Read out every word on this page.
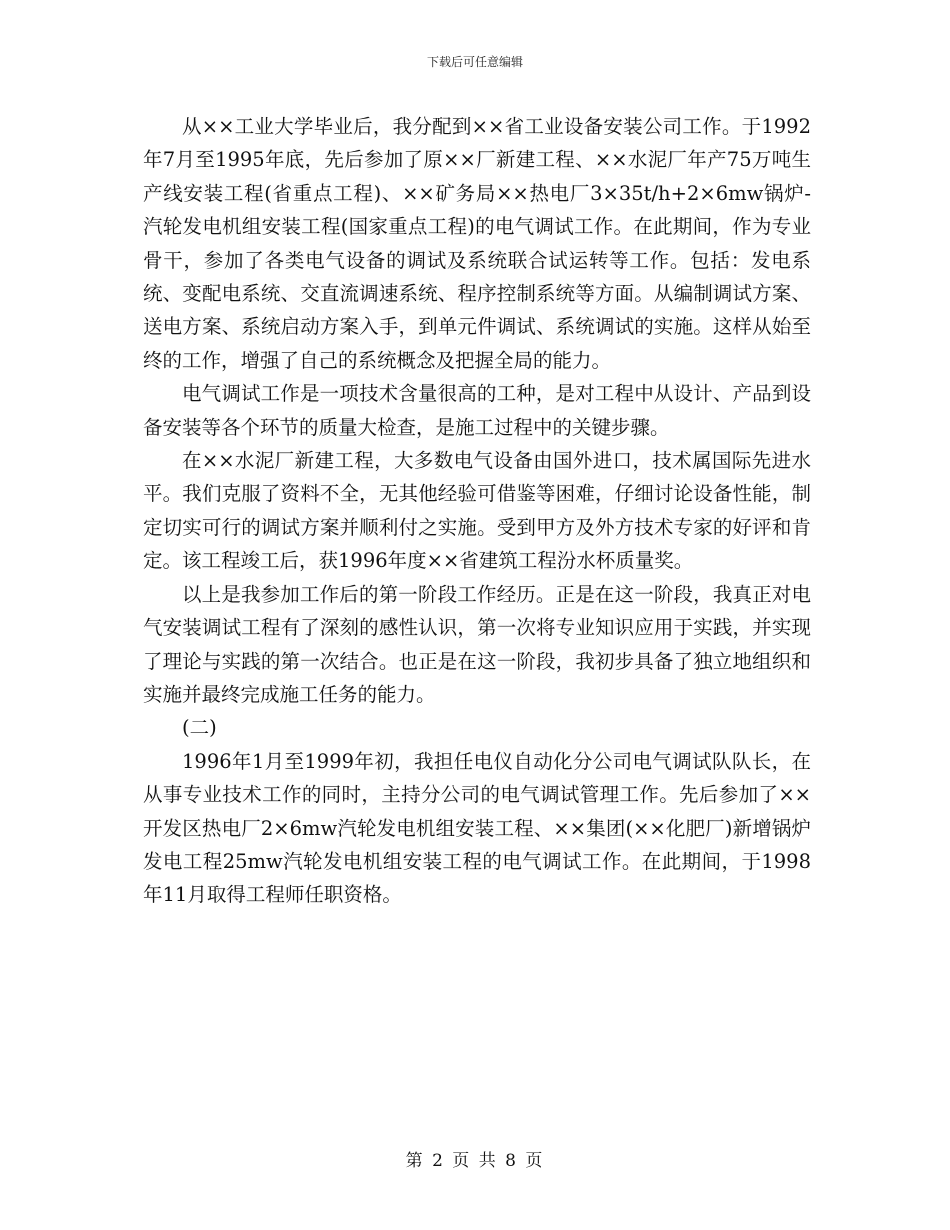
下载后可任意编辑

从××工业大学毕业后，我分配到××省工业设备安装公司工作。于1992年7月至1995年底，先后参加了原××厂新建工程、××水泥厂年产75万吨生产线安装工程(省重点工程)、××矿务局××热电厂3×35t/h+2×6mw锅炉-汽轮发电机组安装工程(国家重点工程)的电气调试工作。在此期间，作为专业骨干，参加了各类电气设备的调试及系统联合试运转等工作。包括：发电系统、变配电系统、交直流调速系统、程序控制系统等方面。从编制调试方案、送电方案、系统启动方案入手，到单元件调试、系统调试的实施。这样从始至终的工作，增强了自己的系统概念及把握全局的能力。

电气调试工作是一项技术含量很高的工种，是对工程中从设计、产品到设备安装等各个环节的质量大检查，是施工过程中的关键步骤。

在××水泥厂新建工程，大多数电气设备由国外进口，技术属国际先进水平。我们克服了资料不全，无其他经验可借鉴等困难，仔细讨论设备性能，制定切实可行的调试方案并顺利付之实施。受到甲方及外方技术专家的好评和肯定。该工程竣工后，获1996年度××省建筑工程汾水杯质量奖。

以上是我参加工作后的第一阶段工作经历。正是在这一阶段，我真正对电气安装调试工程有了深刻的感性认识，第一次将专业知识应用于实践，并实现了理论与实践的第一次结合。也正是在这一阶段，我初步具备了独立地组织和实施并最终完成施工任务的能力。

(二)

1996年1月至1999年初，我担任电仪自动化分公司电气调试队队长，在从事专业技术工作的同时，主持分公司的电气调试管理工作。先后参加了××开发区热电厂2×6mw汽轮发电机组安装工程、××集团(××化肥厂)新增锅炉发电工程25mw汽轮发电机组安装工程的电气调试工作。在此期间，于1998年11月取得工程师任职资格。

第 2 页 共 8 页
